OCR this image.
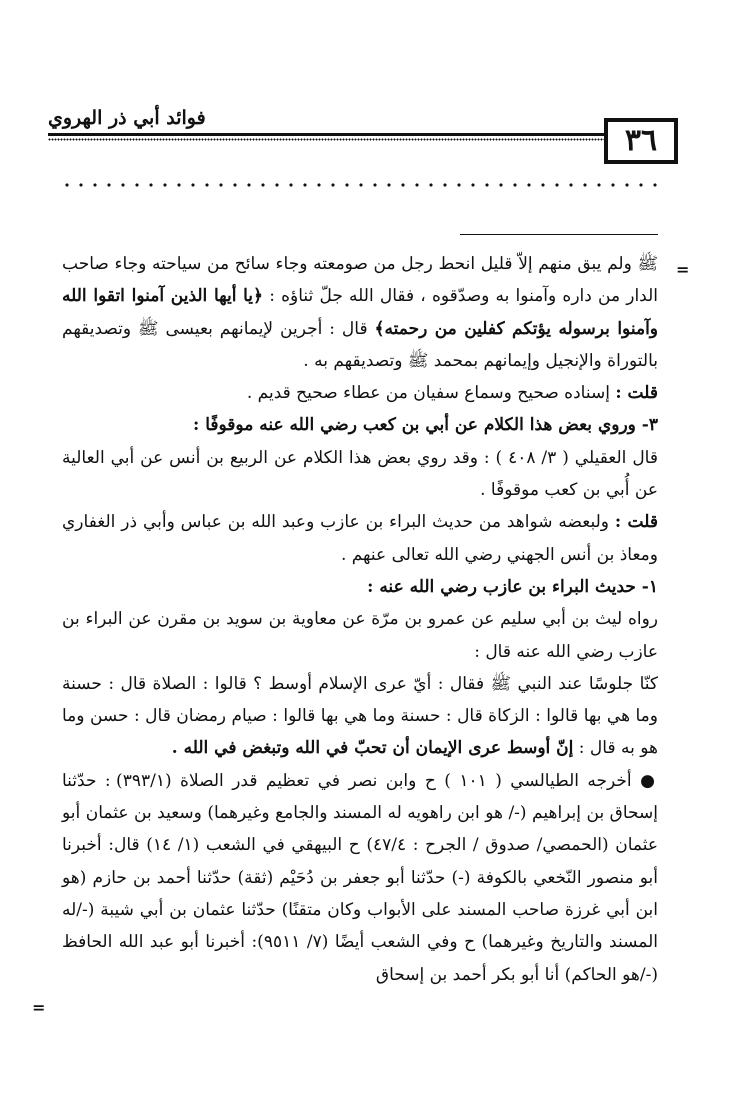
٣٦
فوائد أبي ذر الهروي
=
=

ﷺ ولم يبق منهم إلاّ قليل انحط رجل من صومعته وجاء سائح من سياحته وجاء صاحب الدار من داره وآمنوا به وصدّقوه ، فقال الله جلّ ثناؤه : ﴿يا أيها الذين آمنوا اتقوا الله وآمنوا برسوله يؤتكم كفلين من رحمته﴾ قال : أجرين لإيمانهم بعيسى ﷺ وتصديقهم بالتوراة والإنجيل وإيمانهم بمحمد ﷺ وتصديقهم به .

قلت : إسناده صحيح وسماع سفيان من عطاء صحيح قديم .

٣- وروي بعض هذا الكلام عن أبي بن كعب رضي الله عنه موقوفًا :

قال العقيلي ( ٣/ ٤٠٨ ) : وقد روي بعض هذا الكلام عن الربيع بن أنس عن أبي العالية عن أُبي بن كعب موقوفًا .

قلت : ولبعضه شواهد من حديث البراء بن عازب وعبد الله بن عباس وأبي ذر الغفاري ومعاذ بن أنس الجهني رضي الله تعالى عنهم .

١- حديث البراء بن عازب رضي الله عنه :

رواه ليث بن أبي سليم عن عمرو بن مرّة عن معاوية بن سويد بن مقرن عن البراء بن عازب رضي الله عنه قال :

كنّا جلوسًا عند النبي ﷺ فقال : أيّ عرى الإسلام أوسط ؟ قالوا : الصلاة قال : حسنة وما هي بها قالوا : الزكاة قال : حسنة وما هي بها قالوا : صيام رمضان قال : حسن وما هو به قال : إنّ أوسط عرى الإيمان أن تحبّ في الله وتبغض في الله .

● أخرجه الطيالسي ( ١٠١ ) ح وابن نصر في تعظيم قدر الصلاة (٣٩٣/١) : حدّثنا إسحاق بن إبراهيم (-/ هو ابن راهويه له المسند والجامع وغيرهما) وسعيد بن عثمان أبو عثمان (الحمصي/ صدوق / الجرح : ٤٧/٤) ح البيهقي في الشعب (١/ ١٤) قال: أخبرنا أبو منصور النّخعي بالكوفة (-) حدّثنا أبو جعفر بن دُحَيْم (ثقة) حدّثنا أحمد بن حازم (هو ابن أبي غرزة صاحب المسند على الأبواب وكان متقنًا) حدّثنا عثمان بن أبي شيبة (-/له المسند والتاريخ وغيرهما) ح وفي الشعب أيضًا (٧/ ٩٥١١): أخبرنا أبو عبد الله الحافظ (-/هو الحاكم) أنا أبو بكر أحمد بن إسحاق
